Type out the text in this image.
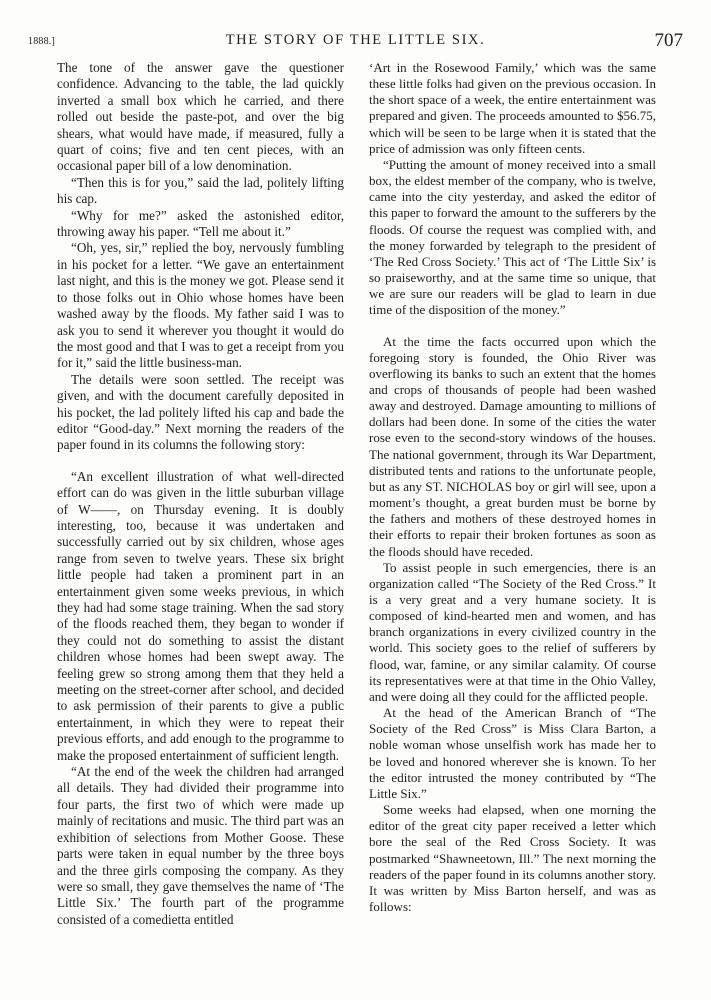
1888.]	THE STORY OF THE LITTLE SIX.	707

The tone of the answer gave the questioner confidence. Advancing to the table, the lad quickly inverted a small box which he carried, and there rolled out beside the paste-pot, and over the big shears, what would have made, if measured, fully a quart of coins; five and ten cent pieces, with an occasional paper bill of a low denomination.

“Then this is for you,” said the lad, politely lifting his cap.

“Why for me?” asked the astonished editor, throwing away his paper. “Tell me about it.”

“Oh, yes, sir,” replied the boy, nervously fumbling in his pocket for a letter. “We gave an entertainment last night, and this is the money we got. Please send it to those folks out in Ohio whose homes have been washed away by the floods. My father said I was to ask you to send it wherever you thought it would do the most good and that I was to get a receipt from you for it,” said the little business-man.

The details were soon settled. The receipt was given, and with the document carefully deposited in his pocket, the lad politely lifted his cap and bade the editor “Good-day.” Next morning the readers of the paper found in its columns the following story:

“An excellent illustration of what well-directed effort can do was given in the little suburban village of W——, on Thursday evening. It is doubly interesting, too, because it was undertaken and successfully carried out by six children, whose ages range from seven to twelve years. These six bright little people had taken a prominent part in an entertainment given some weeks previous, in which they had had some stage training. When the sad story of the floods reached them, they began to wonder if they could not do something to assist the distant children whose homes had been swept away. The feeling grew so strong among them that they held a meeting on the street-corner after school, and decided to ask permission of their parents to give a public entertainment, in which they were to repeat their previous efforts, and add enough to the programme to make the proposed entertainment of sufficient length.

“At the end of the week the children had arranged all details. They had divided their programme into four parts, the first two of which were made up mainly of recitations and music. The third part was an exhibition of selections from Mother Goose. These parts were taken in equal number by the three boys and the three girls composing the company. As they were so small, they gave themselves the name of ‘The Little Six.’ The fourth part of the programme consisted of a comedietta entitled

‘Art in the Rosewood Family,’ which was the same these little folks had given on the previous occasion. In the short space of a week, the entire entertainment was prepared and given. The proceeds amounted to $56.75, which will be seen to be large when it is stated that the price of admission was only fifteen cents.

“Putting the amount of money received into a small box, the eldest member of the company, who is twelve, came into the city yesterday, and asked the editor of this paper to forward the amount to the sufferers by the floods. Of course the request was complied with, and the money forwarded by telegraph to the president of ‘The Red Cross Society.’ This act of ‘The Little Six’ is so praiseworthy, and at the same time so unique, that we are sure our readers will be glad to learn in due time of the disposition of the money.”

At the time the facts occurred upon which the foregoing story is founded, the Ohio River was overflowing its banks to such an extent that the homes and crops of thousands of people had been washed away and destroyed. Damage amounting to millions of dollars had been done. In some of the cities the water rose even to the second-story windows of the houses. The national government, through its War Department, distributed tents and rations to the unfortunate people, but as any ST. NICHOLAS boy or girl will see, upon a moment’s thought, a great burden must be borne by the fathers and mothers of these destroyed homes in their efforts to repair their broken fortunes as soon as the floods should have receded.

To assist people in such emergencies, there is an organization called “The Society of the Red Cross.” It is a very great and a very humane society. It is composed of kind-hearted men and women, and has branch organizations in every civilized country in the world. This society goes to the relief of sufferers by flood, war, famine, or any similar calamity. Of course its representatives were at that time in the Ohio Valley, and were doing all they could for the afflicted people.

At the head of the American Branch of “The Society of the Red Cross” is Miss Clara Barton, a noble woman whose unselfish work has made her to be loved and honored wherever she is known. To her the editor intrusted the money contributed by “The Little Six.”

Some weeks had elapsed, when one morning the editor of the great city paper received a letter which bore the seal of the Red Cross Society. It was postmarked “Shawneetown, Ill.” The next morning the readers of the paper found in its columns another story. It was written by Miss Barton herself, and was as follows:
